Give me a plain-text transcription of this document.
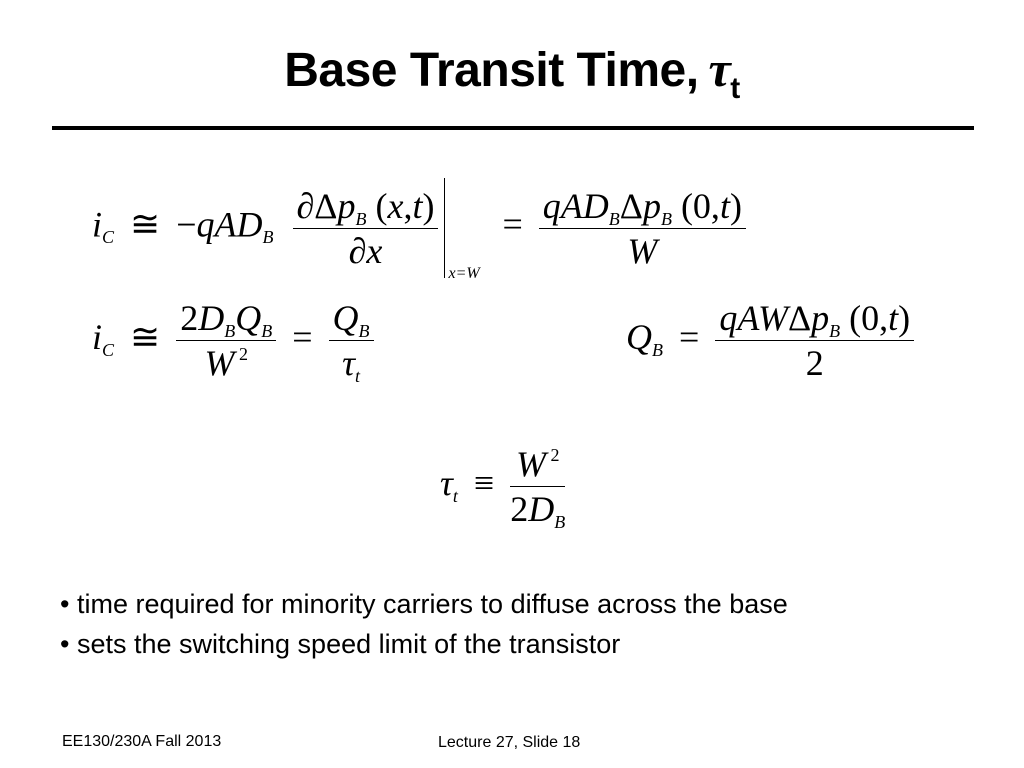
Base Transit Time, $\tau_t$
iC ≅ −qADB $\frac{\text{∂ΔpB (x,t)}}{\partial x}$
x=W
= $\frac{\text{qADBΔpB (0,t)}}{W}$
iC ≅ $\frac{\text{2DBQB}}{W ^2} = \frac{QB}{\tau t}$	QB = $\frac{\text{qAWΔpB (0,t)}}{2}$
$\tau t \equiv \frac{W ^2}{2DB}$
• time required for minority carriers to diffuse across the base
• sets the switching speed limit of the transistor
EE130/230A Fall 2013	Lecture 27, Slide 18
